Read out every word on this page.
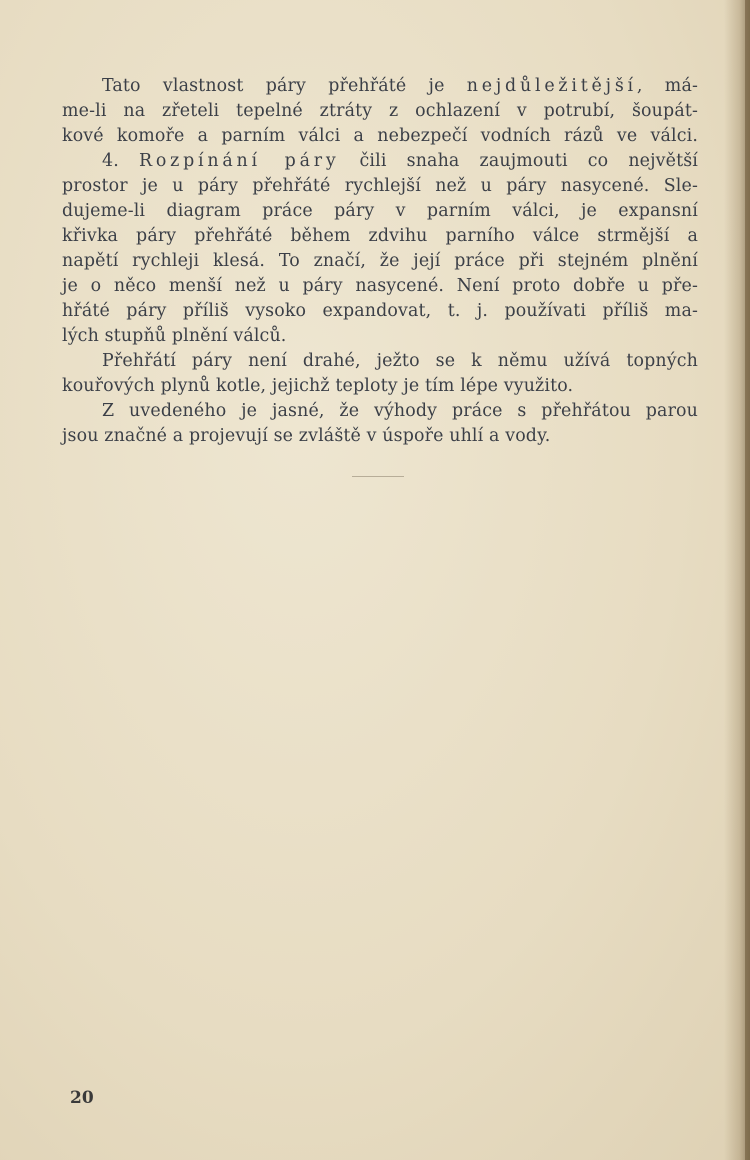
Tato vlastnost páry přehřáté je nejdůležitější, má-
me-li na zřeteli tepelné ztráty z ochlazení v potrubí, šoupát-
kové komoře a parním válci a nebezpečí vodních rázů ve válci.
4. Rozpínání páry čili snaha zaujmouti co největší
prostor je u páry přehřáté rychlejší než u páry nasycené. Sle-
dujeme-li diagram práce páry v parním válci, je expansní
křivka páry přehřáté během zdvihu parního válce strmější a
napětí rychleji klesá. To značí, že její práce při stejném plnění
je o něco menší než u páry nasycené. Není proto dobře u pře-
hřáté páry příliš vysoko expandovat, t. j. používati příliš ma-
lých stupňů plnění válců.
Přehřátí páry není drahé, ježto se k němu užívá topných
kouřových plynů kotle, jejichž teploty je tím lépe využito.
Z uvedeného je jasné, že výhody práce s přehřátou parou
jsou značné a projevují se zvláště v úspoře uhlí a vody.
20
